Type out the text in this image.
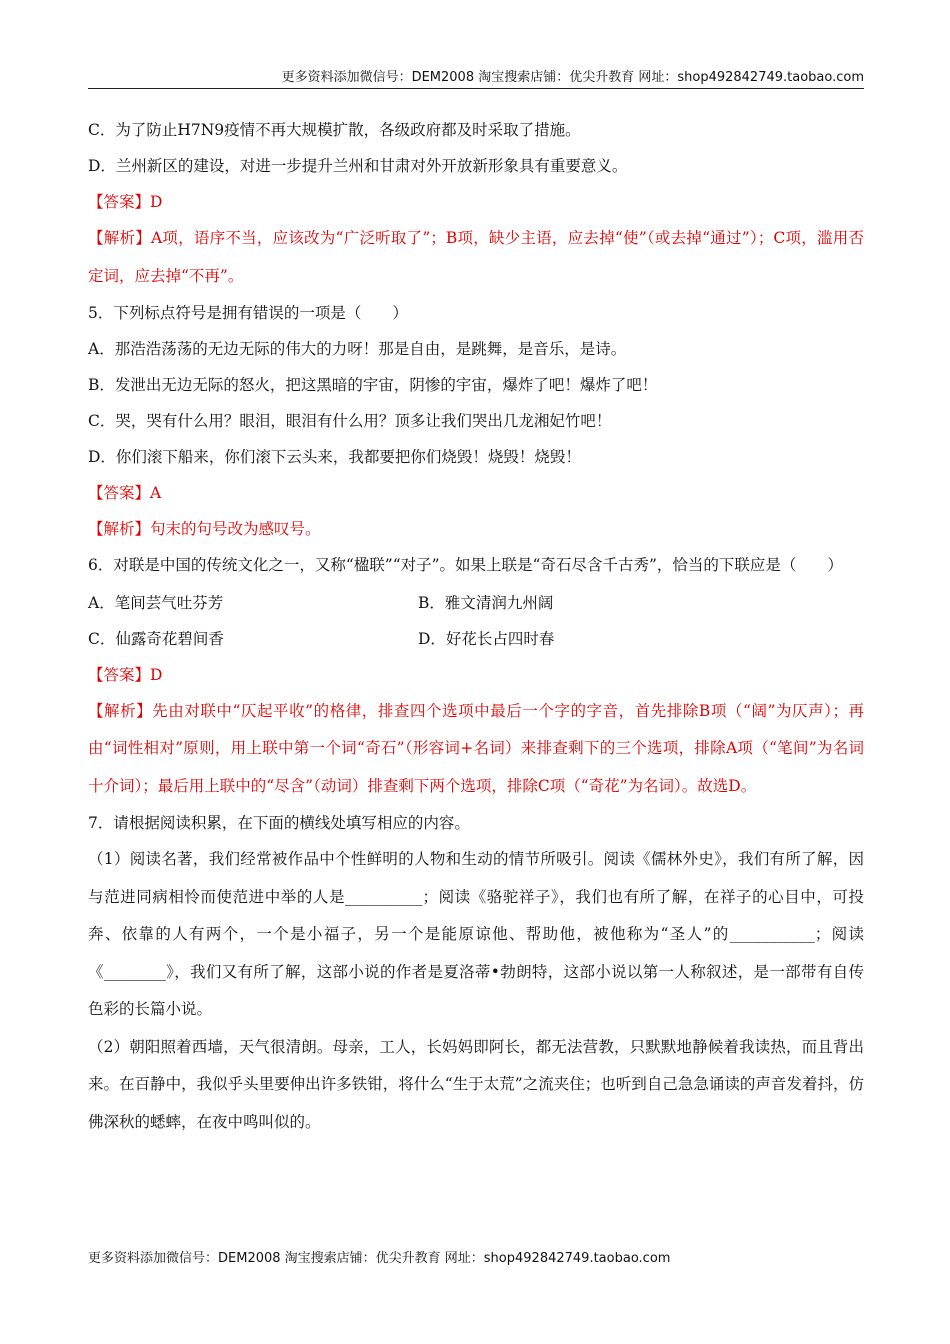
更多资料添加微信号：DEM2008 淘宝搜索店铺：优尖升教育 网址：shop492842749.taobao.com

C．为了防止H7N9疫情不再大规模扩散，各级政府都及时采取了措施。

D．兰州新区的建设，对进一步提升兰州和甘肃对外开放新形象具有重要意义。

【答案】D

【解析】A项，语序不当，应该改为“广泛听取了”；B项，缺少主语，应去掉“使”（或去掉“通过”）；C项，滥用否定词，应去掉“不再”。

5．下列标点符号是拥有错误的一项是（　　）

A．那浩浩荡荡的无边无际的伟大的力呀！那是自由，是跳舞，是音乐，是诗。

B．发泄出无边无际的怒火，把这黑暗的宇宙，阴惨的宇宙，爆炸了吧！爆炸了吧！

C．哭，哭有什么用？眼泪，眼泪有什么用？顶多让我们哭出几龙湘妃竹吧！

D．你们滚下船来，你们滚下云头来，我都要把你们烧毁！烧毁！烧毁！

【答案】A

【解析】句末的句号改为感叹号。

6．对联是中国的传统文化之一，又称“楹联”“对子”。如果上联是“奇石尽含千古秀”，恰当的下联应是（　　）

A．笔间芸气吐芬芳	B．雅文清润九州阔
C．仙露奇花碧间香	D．好花长占四时春

【答案】D

【解析】先由对联中“仄起平收”的格律，排查四个选项中最后一个字的字音，首先排除B项（“阔”为仄声）；再由“词性相对”原则，用上联中第一个词“奇石”（形容词+名词）来排查剩下的三个选项，排除A项（“笔间”为名词十介词）；最后用上联中的“尽含”（动词）排查剩下两个选项，排除C项（“奇花”为名词）。故选D。

7．请根据阅读积累，在下面的横线处填写相应的内容。

（1）阅读名著，我们经常被作品中个性鲜明的人物和生动的情节所吸引。阅读《儒林外史》，我们有所了解，因与范进同病相怜而使范进中举的人是__________；阅读《骆驼祥子》，我们也有所了解，在祥子的心目中，可投奔、依靠的人有两个，一个是小福子，另一个是能原谅他、帮助他，被他称为“圣人”的___________；阅读《________》，我们又有所了解，这部小说的作者是夏洛蒂•勃朗特，这部小说以第一人称叙述，是一部带有自传色彩的长篇小说。

（2）朝阳照着西墙，天气很清朗。母亲，工人，长妈妈即阿长，都无法营教，只默默地静候着我读热，而且背出来。在百静中，我似乎头里要伸出许多铁钳，将什么“生于太荒”之流夹住；也听到自己急急诵读的声音发着抖，仿佛深秋的蟋蟀，在夜中鸣叫似的。

更多资料添加微信号：DEM2008 淘宝搜索店铺：优尖升教育 网址：shop492842749.taobao.com
